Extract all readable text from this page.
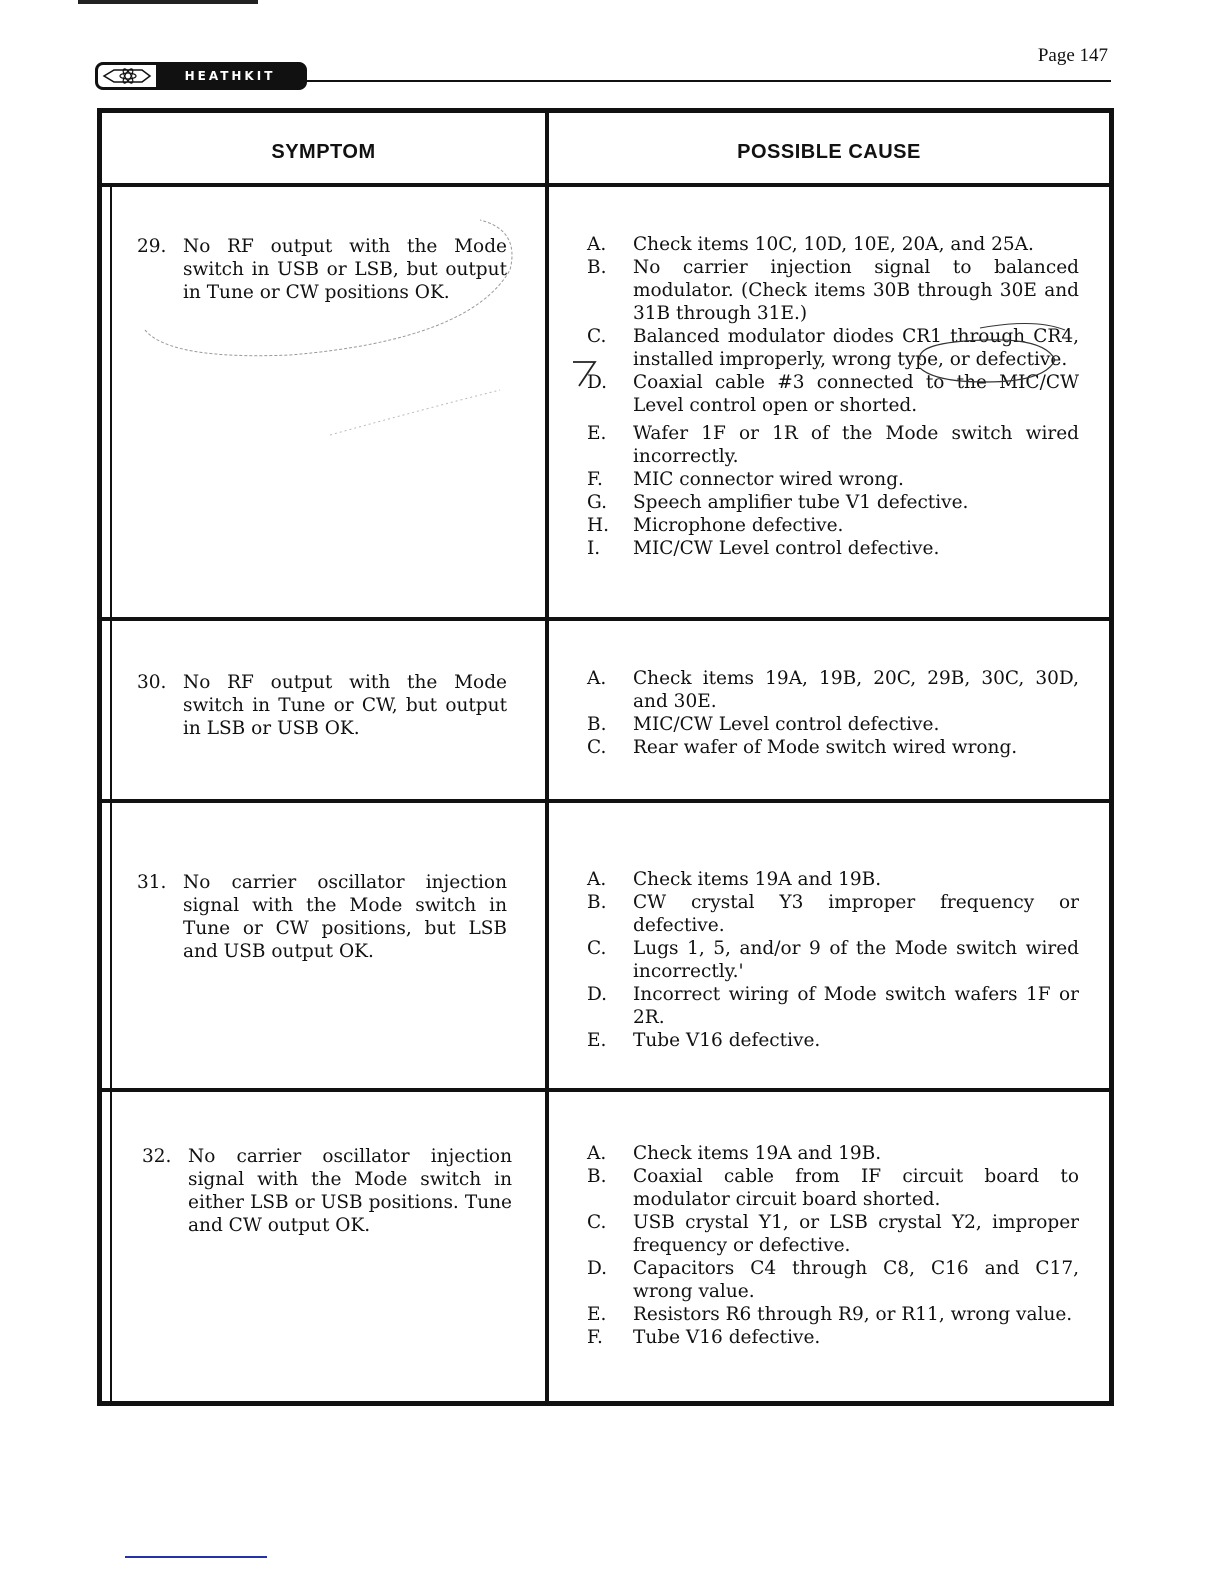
HEATHKIT
Page 147
SYMPTOM	POSSIBLE CAUSE
29. No RF output with the Mode switch in USB or LSB, but output in Tune or CW positions OK.
A.	Check items 10C, 10D, 10E, 20A, and 25A.
B.	No carrier injection signal to balanced modulator. (Check items 30B through 30E and 31B through 31E.)
C.	Balanced modulator diodes CR1 through CR4, installed improperly, wrong type, or defective.
D.	Coaxial cable #3 connected to the MIC/CW Level control open or shorted.
E.	Wafer 1F or 1R of the Mode switch wired incorrectly.
F.	MIC connector wired wrong.
G.	Speech amplifier tube V1 defective.
H.	Microphone defective.
I.	MIC/CW Level control defective.
30. No RF output with the Mode switch in Tune or CW, but output in LSB or USB OK.
A.	Check items 19A, 19B, 20C, 29B, 30C, 30D, and 30E.
B.	MIC/CW Level control defective.
C.	Rear wafer of Mode switch wired wrong.
31. No carrier oscillator injection signal with the Mode switch in Tune or CW positions, but LSB and USB output OK.
A.	Check items 19A and 19B.
B.	CW crystal Y3 improper frequency or defective.
C.	Lugs 1, 5, and/or 9 of the Mode switch wired incorrectly.'
D.	Incorrect wiring of Mode switch wafers 1F or 2R.
E.	Tube V16 defective.
32. No carrier oscillator injection signal with the Mode switch in either LSB or USB positions. Tune and CW output OK.
A.	Check items 19A and 19B.
B.	Coaxial cable from IF circuit board to modulator circuit board shorted.
C.	USB crystal Y1, or LSB crystal Y2, improper frequency or defective.
D.	Capacitors C4 through C8, C16 and C17, wrong value.
E.	Resistors R6 through R9, or R11, wrong value.
F.	Tube V16 defective.
